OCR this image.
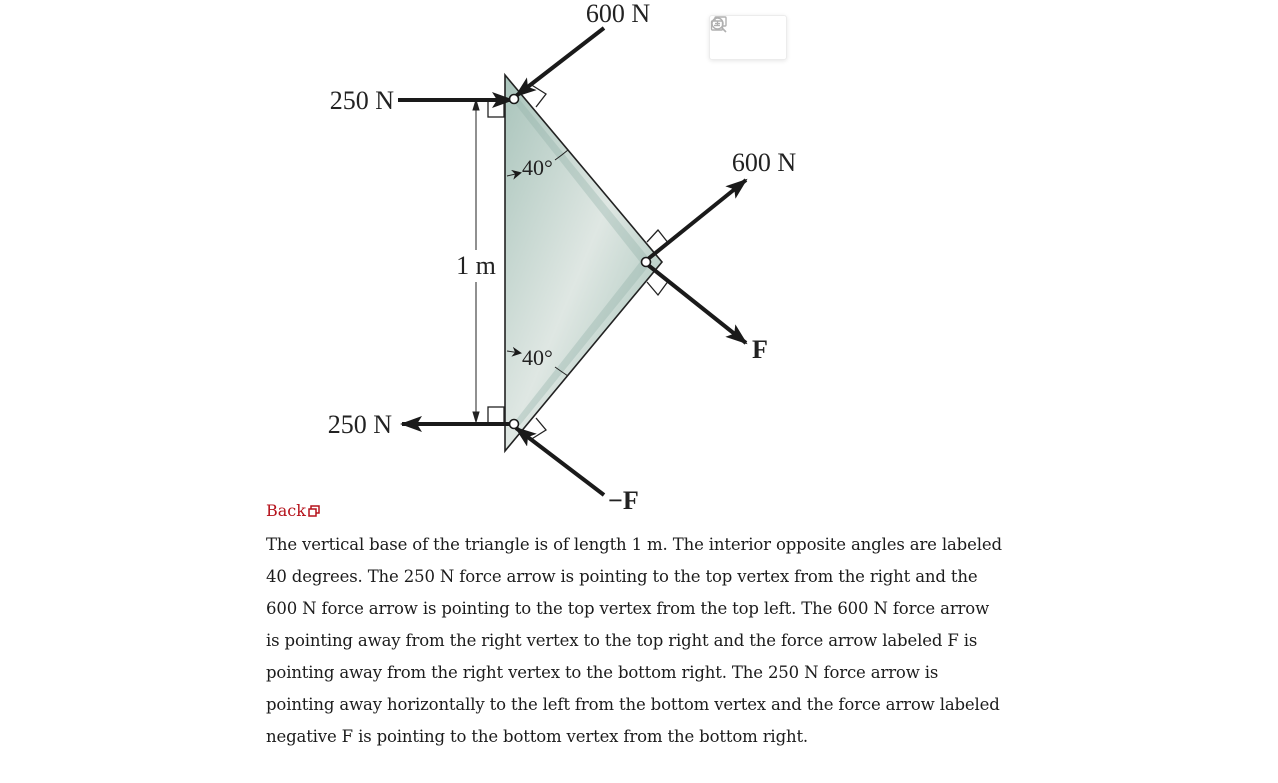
600 N
250 N
600 N
40°
1 m
F
40°
250 N
−F
Back

The vertical base of the triangle is of length 1 m. The interior opposite angles are labeled 40 degrees. The 250 N force arrow is pointing to the top vertex from the right and the 600 N force arrow is pointing to the top vertex from the top left. The 600 N force arrow is pointing away from the right vertex to the top right and the force arrow labeled F is pointing away from the right vertex to the bottom right. The 250 N force arrow is pointing away horizontally to the left from the bottom vertex and the force arrow labeled negative F is pointing to the bottom vertex from the bottom right.
